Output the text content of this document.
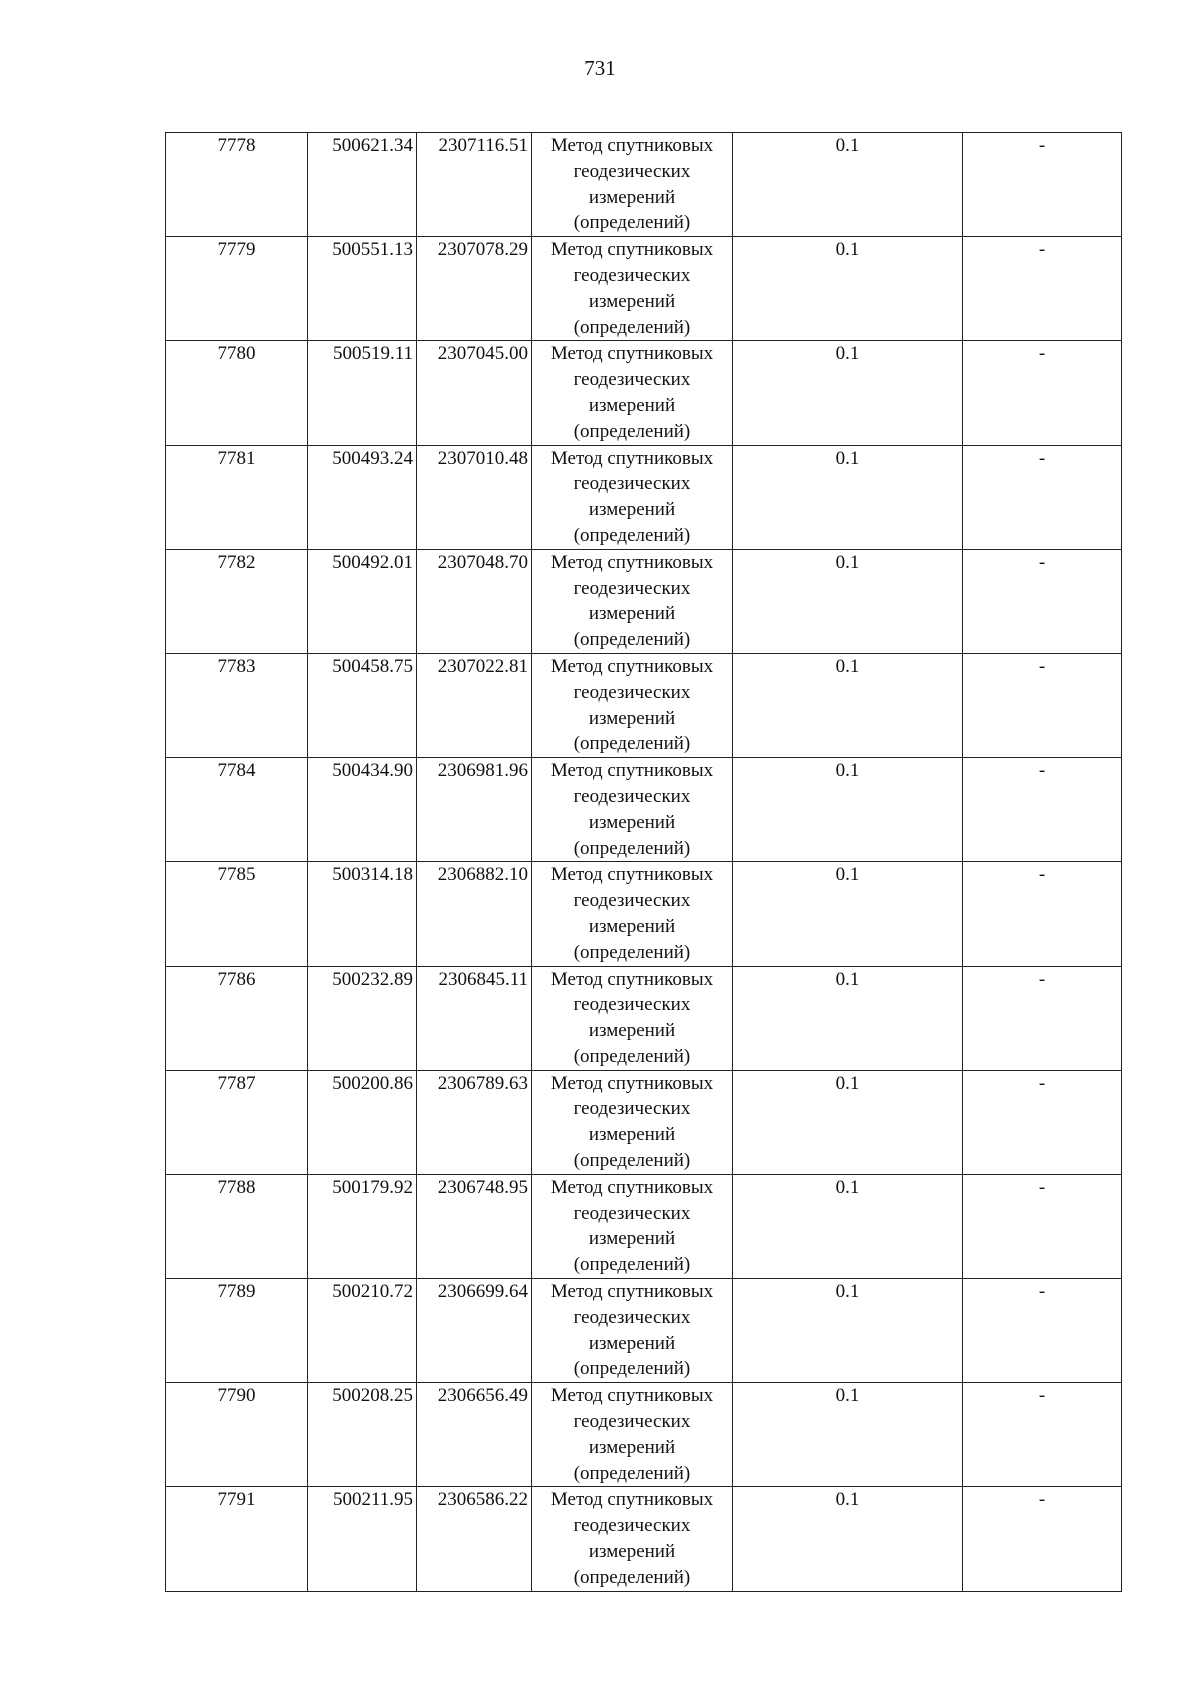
731
7778	500621.34	2307116.51	Метод спутниковых
геодезических
измерений
(определений)	0.1	-
7779	500551.13	2307078.29	Метод спутниковых
геодезических
измерений
(определений)	0.1	-
7780	500519.11	2307045.00	Метод спутниковых
геодезических
измерений
(определений)	0.1	-
7781	500493.24	2307010.48	Метод спутниковых
геодезических
измерений
(определений)	0.1	-
7782	500492.01	2307048.70	Метод спутниковых
геодезических
измерений
(определений)	0.1	-
7783	500458.75	2307022.81	Метод спутниковых
геодезических
измерений
(определений)	0.1	-
7784	500434.90	2306981.96	Метод спутниковых
геодезических
измерений
(определений)	0.1	-
7785	500314.18	2306882.10	Метод спутниковых
геодезических
измерений
(определений)	0.1	-
7786	500232.89	2306845.11	Метод спутниковых
геодезических
измерений
(определений)	0.1	-
7787	500200.86	2306789.63	Метод спутниковых
геодезических
измерений
(определений)	0.1	-
7788	500179.92	2306748.95	Метод спутниковых
геодезических
измерений
(определений)	0.1	-
7789	500210.72	2306699.64	Метод спутниковых
геодезических
измерений
(определений)	0.1	-
7790	500208.25	2306656.49	Метод спутниковых
геодезических
измерений
(определений)	0.1	-
7791	500211.95	2306586.22	Метод спутниковых
геодезических
измерений
(определений)	0.1	-
